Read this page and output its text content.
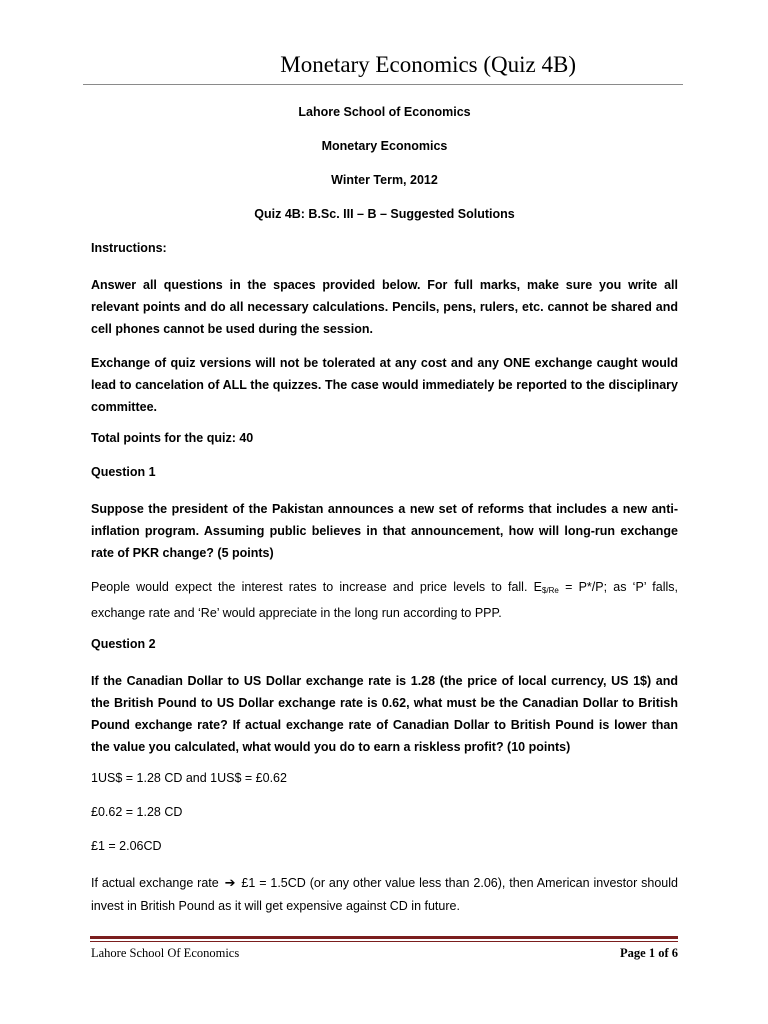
Monetary Economics (Quiz 4B)
Lahore School of Economics
Monetary Economics
Winter Term, 2012
Quiz 4B: B.Sc. III – B – Suggested Solutions
Instructions:
Answer all questions in the spaces provided below. For full marks, make sure you write all relevant points and do all necessary calculations. Pencils, pens, rulers, etc. cannot be shared and cell phones cannot be used during the session.
Exchange of quiz versions will not be tolerated at any cost and any ONE exchange caught would lead to cancelation of ALL the quizzes. The case would immediately be reported to the disciplinary committee.
Total points for the quiz: 40
Question 1
Suppose the president of the Pakistan announces a new set of reforms that includes a new anti-inflation program. Assuming public believes in that announcement, how will long-run exchange rate of PKR change? (5 points)
People would expect the interest rates to increase and price levels to fall. $E_{\$/Re} = P*/P$; as ‘P’ falls, exchange rate and ‘Re’ would appreciate in the long run according to PPP.
Question 2
If the Canadian Dollar to US Dollar exchange rate is 1.28 (the price of local currency, US 1$) and the British Pound to US Dollar exchange rate is 0.62, what must be the Canadian Dollar to British Pound exchange rate? If actual exchange rate of Canadian Dollar to British Pound is lower than the value you calculated, what would you do to earn a riskless profit? (10 points)
1US$ = 1.28 CD and 1US$ = £0.62
£0.62 = 1.28 CD
£1 = 2.06CD
If actual exchange rate ➔ £1 = 1.5CD (or any other value less than 2.06), then American investor should invest in British Pound as it will get expensive against CD in future.
Lahore School Of Economics	Page 1 of 6
